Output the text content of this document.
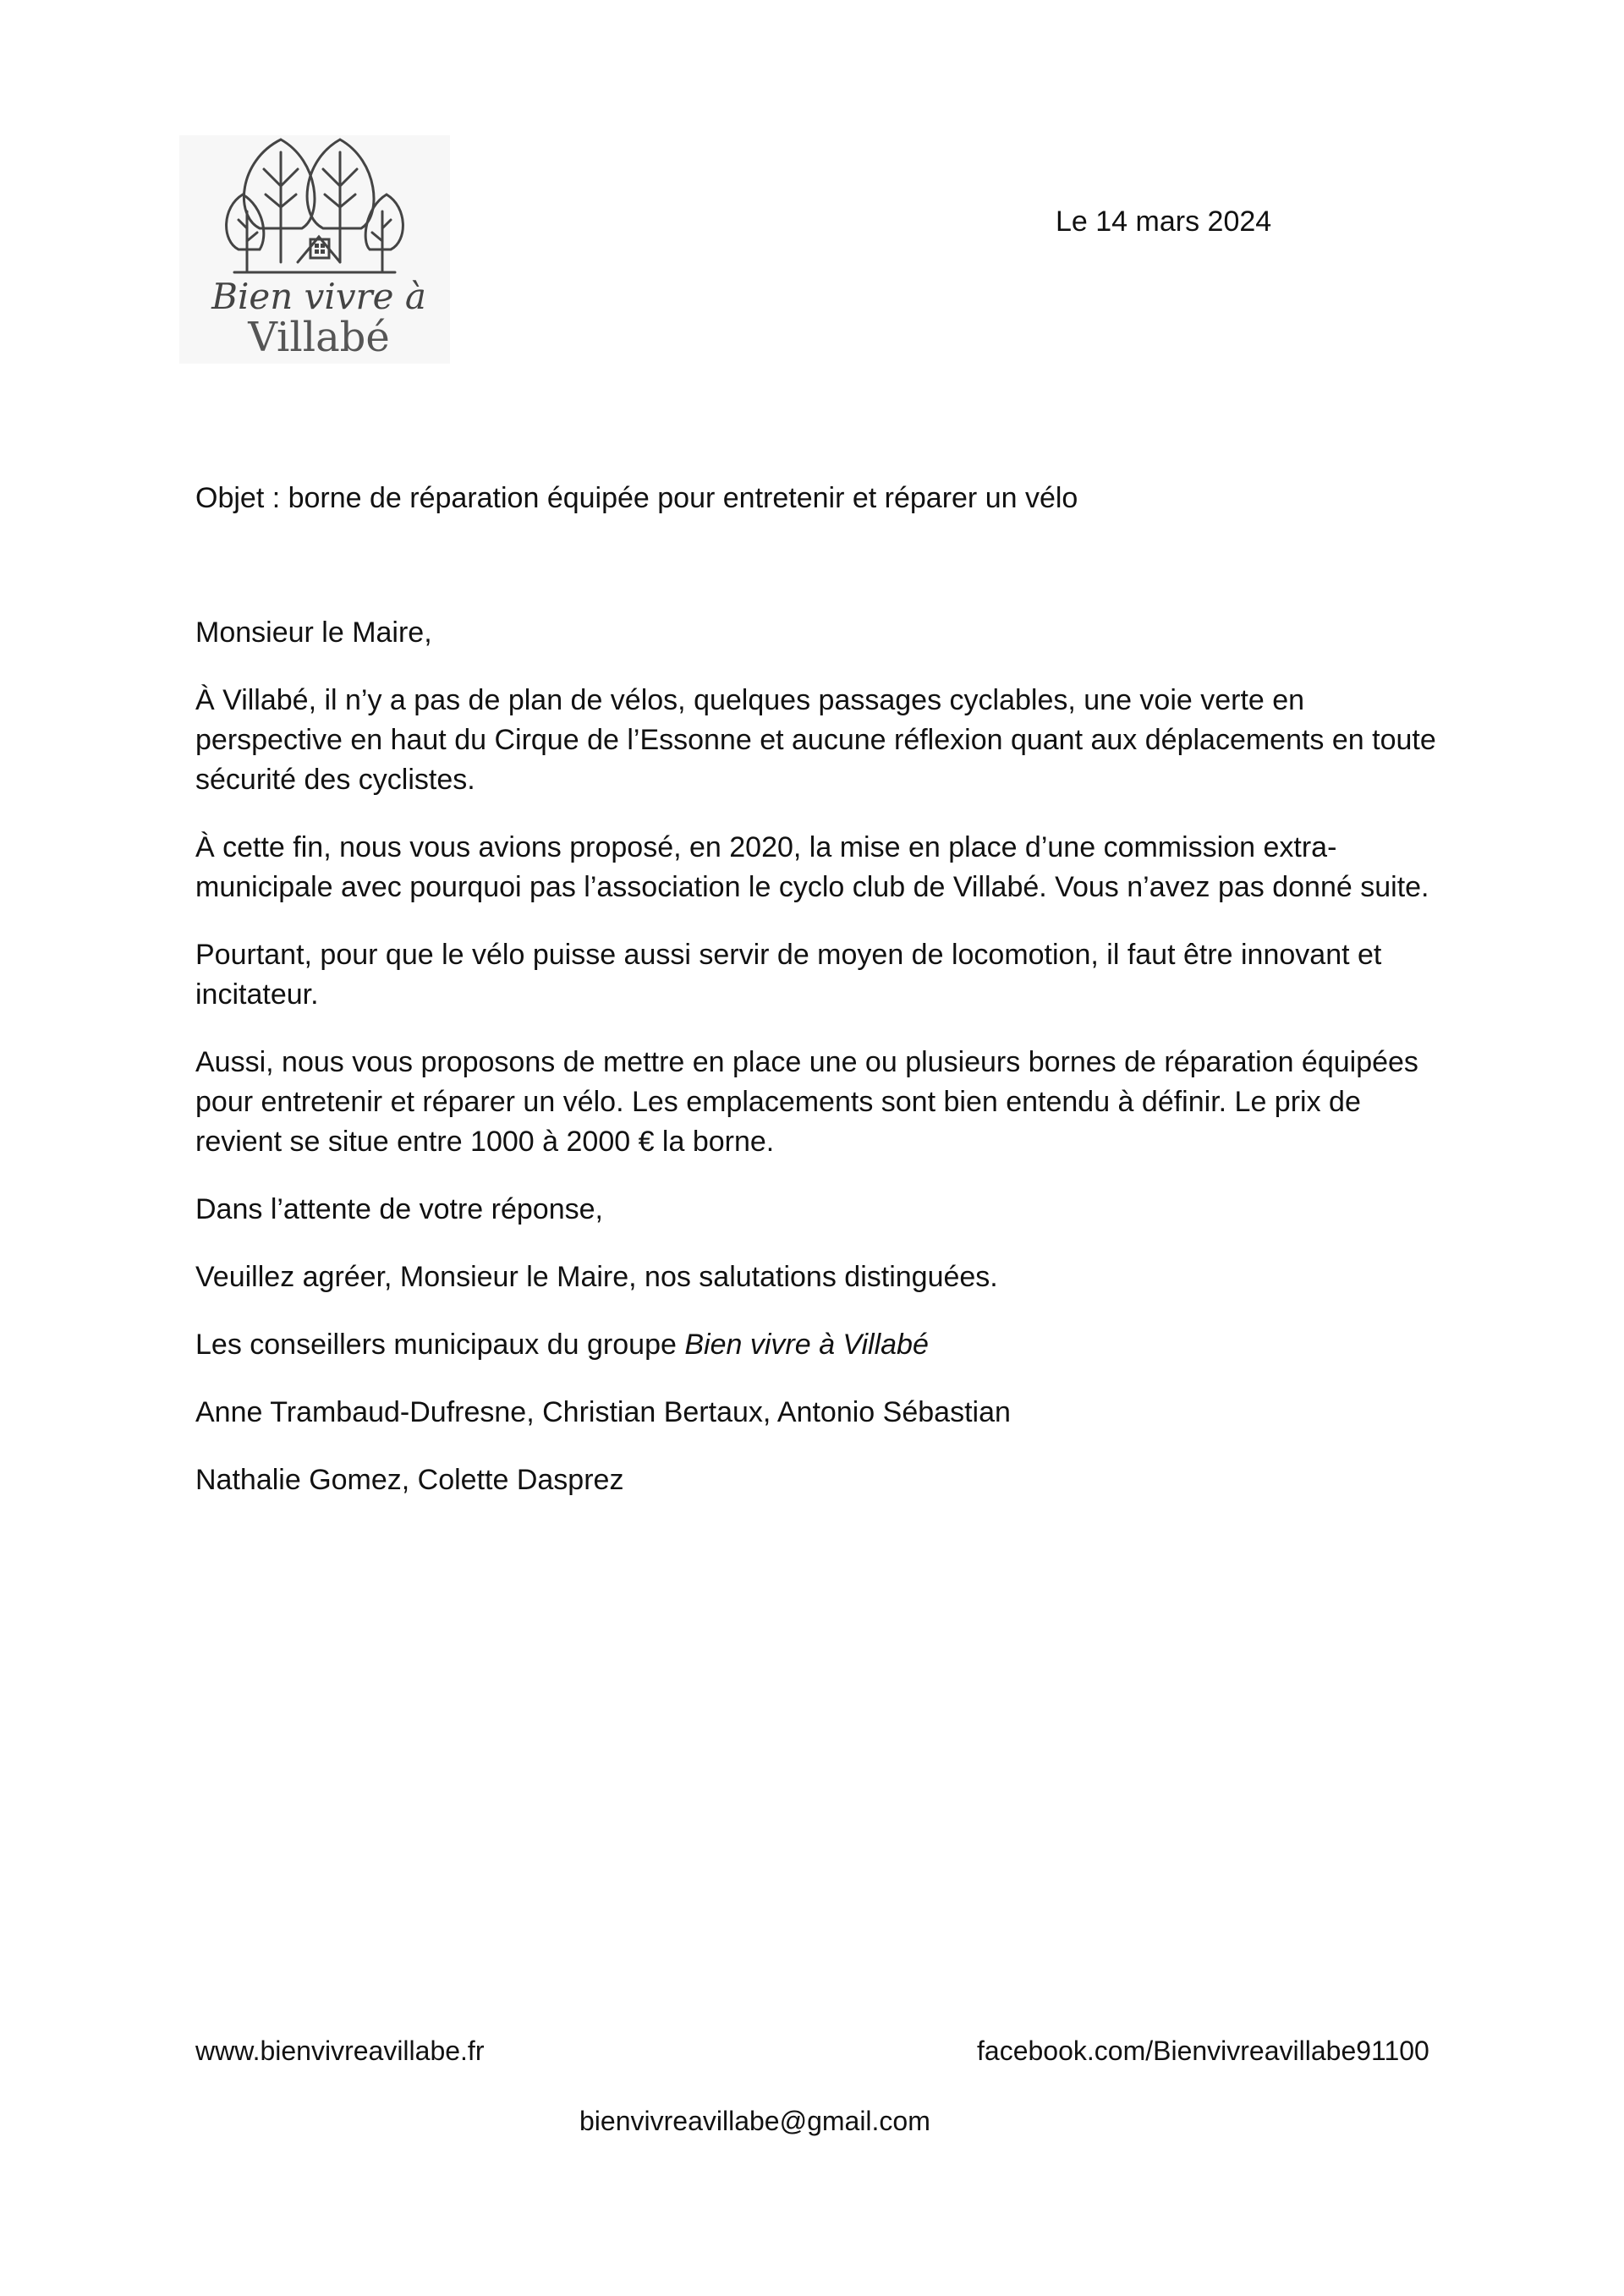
Bien vivre à
Villabé
Le 14 mars 2024
Objet : borne de réparation équipée pour entretenir et réparer un vélo

Monsieur le Maire,

À Villabé, il n’y a pas de plan de vélos, quelques passages cyclables, une voie verte en perspective en haut du Cirque de l’Essonne et aucune réflexion quant aux déplacements en toute sécurité des cyclistes.

À cette fin, nous vous avions proposé, en 2020, la mise en place d’une commission extra-municipale avec pourquoi pas l’association le cyclo club de Villabé. Vous n’avez pas donné suite.

Pourtant, pour que le vélo puisse aussi servir de moyen de locomotion, il faut être innovant et incitateur.

Aussi, nous vous proposons de mettre en place une ou plusieurs bornes de réparation équipées pour entretenir et réparer un vélo. Les emplacements sont bien entendu à définir. Le prix de revient se situe entre 1000 à 2000 € la borne.

Dans l’attente de votre réponse,

Veuillez agréer, Monsieur le Maire, nos salutations distinguées.

Les conseillers municipaux du groupe Bien vivre à Villabé

Anne Trambaud-Dufresne, Christian Bertaux, Antonio Sébastian

Nathalie Gomez, Colette Dasprez

www.bienvivreavillabe.fr	facebook.com/Bienvivreavillabe91100
bienvivreavillabe@gmail.com
